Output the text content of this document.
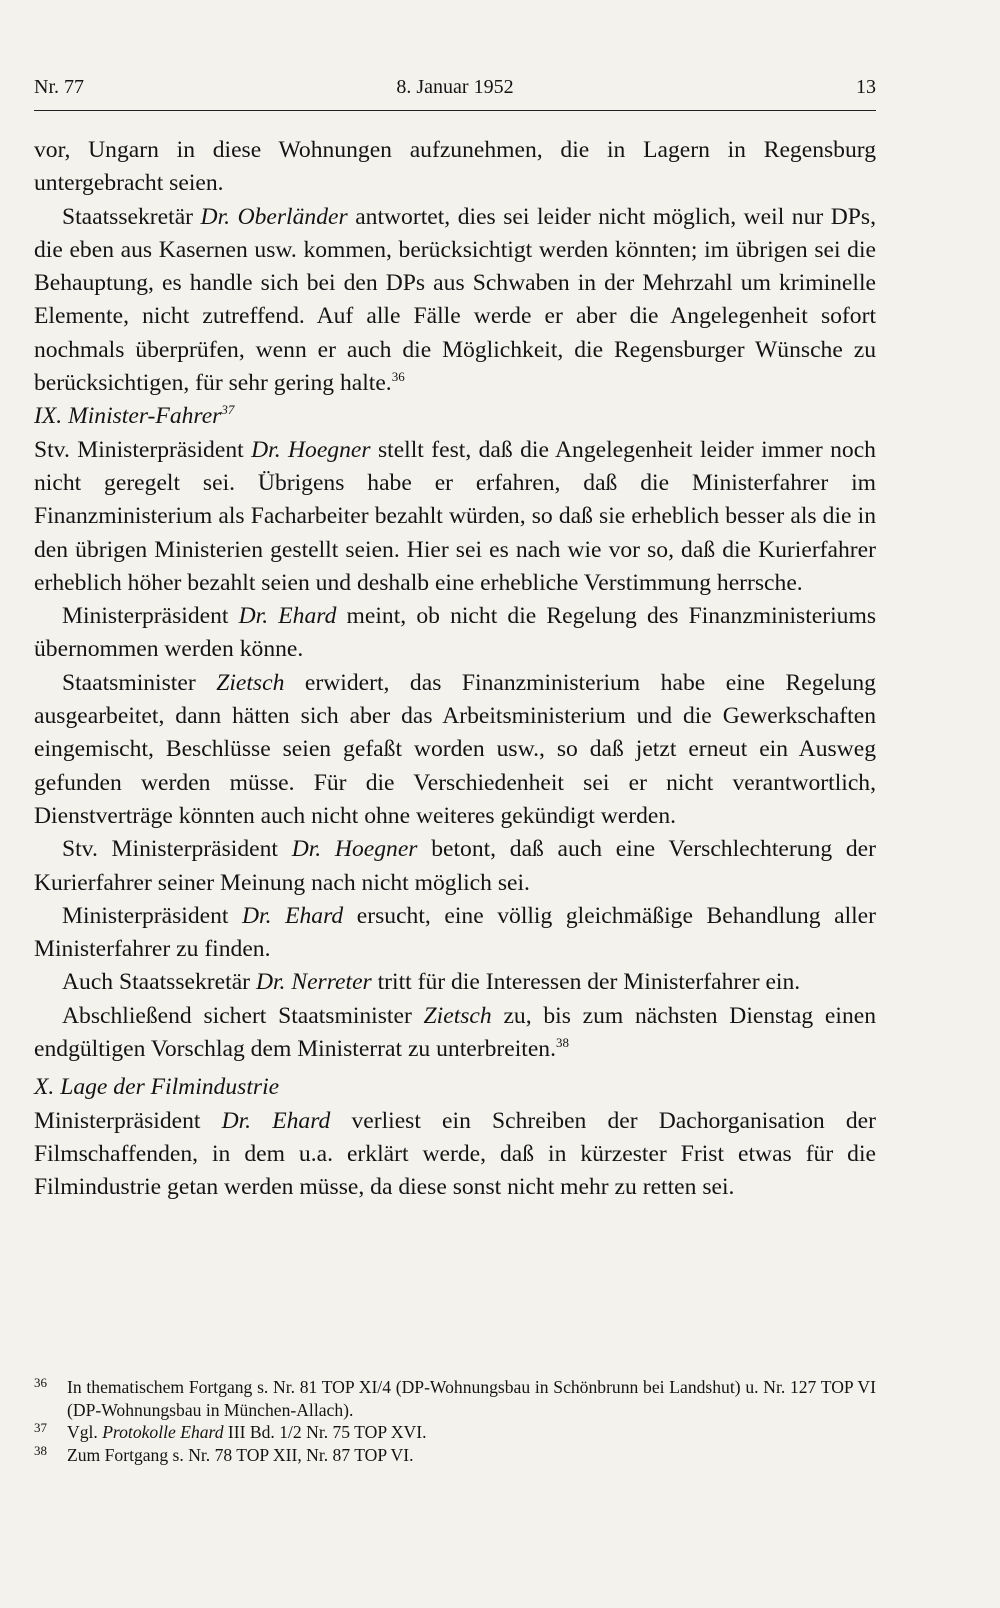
Nr. 77	8. Januar 1952	13

vor, Ungarn in diese Wohnungen aufzunehmen, die in Lagern in Regensburg untergebracht seien.

Staatssekretär Dr. Oberländer antwortet, dies sei leider nicht möglich, weil nur DPs, die eben aus Kasernen usw. kommen, berücksichtigt werden könnten; im übrigen sei die Behauptung, es handle sich bei den DPs aus Schwaben in der Mehrzahl um kriminelle Elemente, nicht zutreffend. Auf alle Fälle werde er aber die Angelegenheit sofort nochmals überprüfen, wenn er auch die Möglichkeit, die Regensburger Wünsche zu berücksichtigen, für sehr gering halte.$^{36}$

IX. Minister-Fahrer$^{37}$

Stv. Ministerpräsident Dr. Hoegner stellt fest, daß die Angelegenheit leider immer noch nicht geregelt sei. Übrigens habe er erfahren, daß die Ministerfahrer im Finanzministerium als Facharbeiter bezahlt würden, so daß sie erheblich besser als die in den übrigen Ministerien gestellt seien. Hier sei es nach wie vor so, daß die Kurierfahrer erheblich höher bezahlt seien und deshalb eine erhebliche Verstimmung herrsche.

Ministerpräsident Dr. Ehard meint, ob nicht die Regelung des Finanzministeriums übernommen werden könne.

Staatsminister Zietsch erwidert, das Finanzministerium habe eine Regelung ausgearbeitet, dann hätten sich aber das Arbeitsministerium und die Gewerkschaften eingemischt, Beschlüsse seien gefaßt worden usw., so daß jetzt erneut ein Ausweg gefunden werden müsse. Für die Verschiedenheit sei er nicht verantwortlich, Dienstverträge könnten auch nicht ohne weiteres gekündigt werden.

Stv. Ministerpräsident Dr. Hoegner betont, daß auch eine Verschlechterung der Kurierfahrer seiner Meinung nach nicht möglich sei.

Ministerpräsident Dr. Ehard ersucht, eine völlig gleichmäßige Behandlung aller Ministerfahrer zu finden.

Auch Staatssekretär Dr. Nerreter tritt für die Interessen der Ministerfahrer ein.

Abschließend sichert Staatsminister Zietsch zu, bis zum nächsten Dienstag einen endgültigen Vorschlag dem Ministerrat zu unterbreiten.$^{38}$

X. Lage der Filmindustrie

Ministerpräsident Dr. Ehard verliest ein Schreiben der Dachorganisation der Filmschaffenden, in dem u.a. erklärt werde, daß in kürzester Frist etwas für die Filmindustrie getan werden müsse, da diese sonst nicht mehr zu retten sei.

36 In thematischem Fortgang s. Nr. 81 TOP XI/4 (DP-Wohnungsbau in Schönbrunn bei Landshut) u. Nr. 127 TOP VI (DP-Wohnungsbau in München-Allach).

37 Vgl. Protokolle Ehard III Bd. 1/2 Nr. 75 TOP XVI.

38 Zum Fortgang s. Nr. 78 TOP XII, Nr. 87 TOP VI.
